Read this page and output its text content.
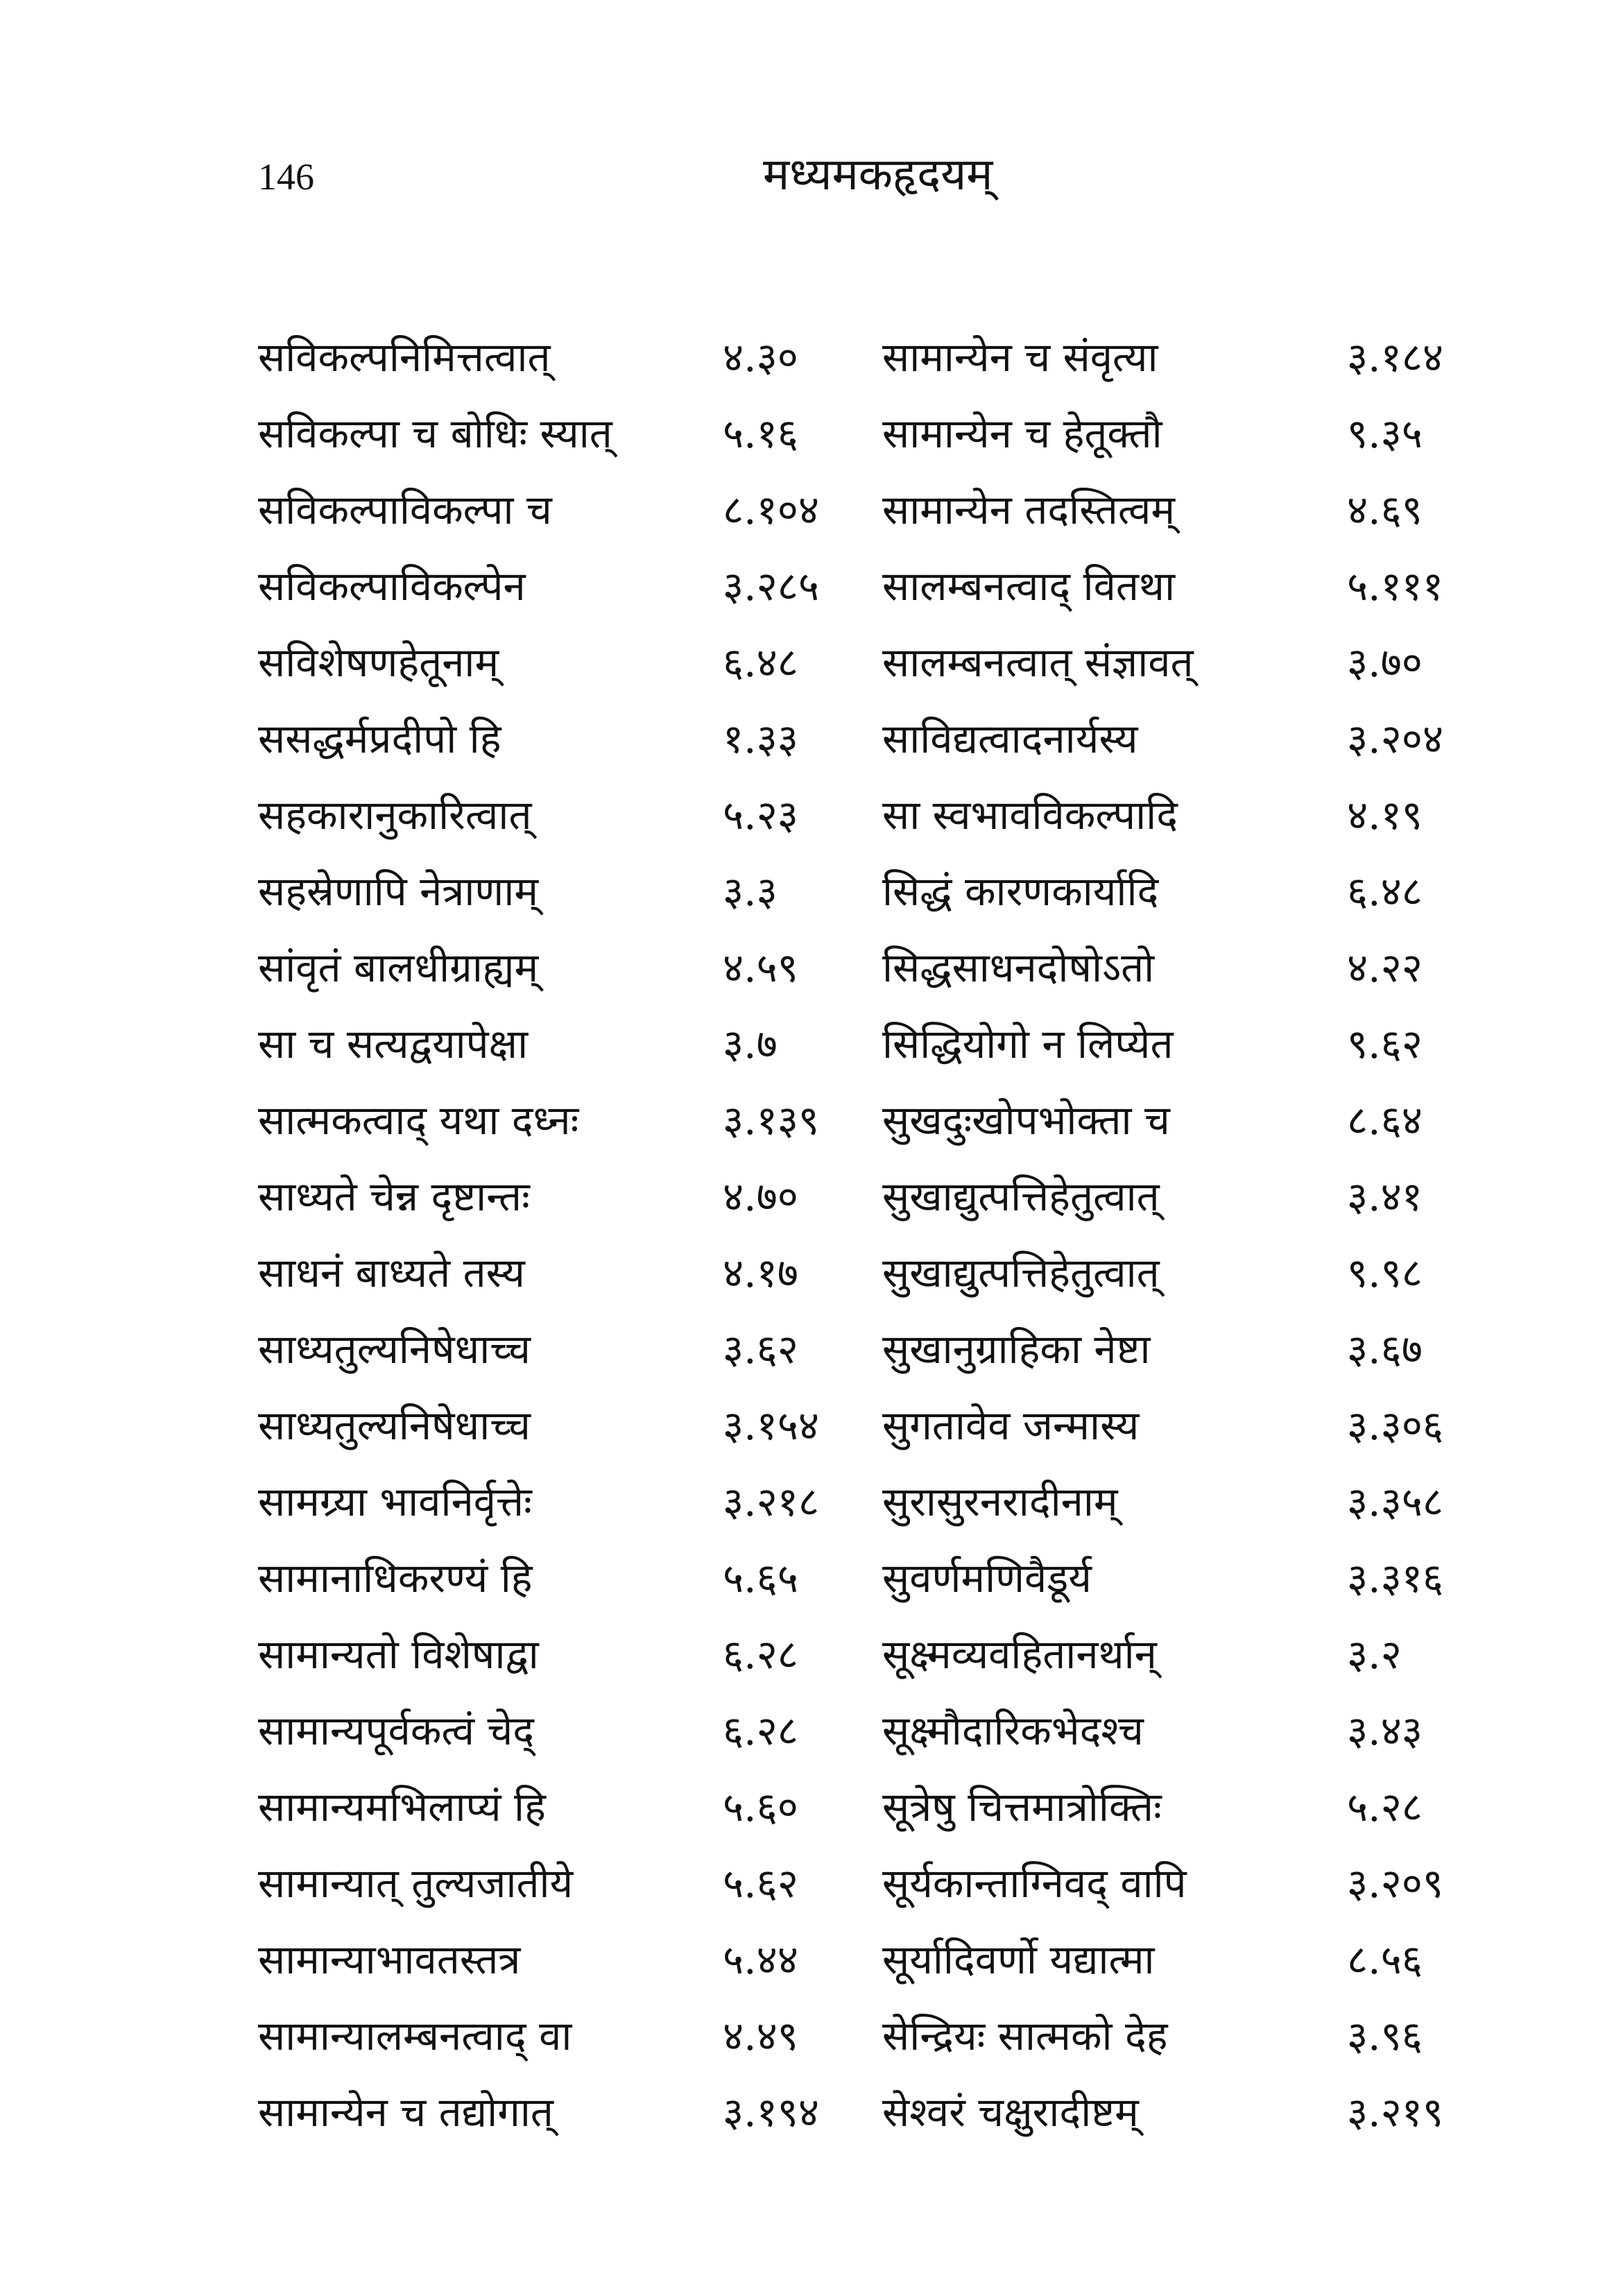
146	मध्यमकहृदयम्
सविकल्पनिमित्तत्वात्	४.३० सामान्येन च संवृत्या	३.१८४
सविकल्पा च बोधिः स्यात्	५.१६ सामान्येन च हेतूक्तौ	९.३५
सविकल्पाविकल्पा च	८.१०४ सामान्येन तदस्तित्वम्	४.६९
सविकल्पाविकल्पेन	३.२८५ सालम्बनत्वाद् वितथा	५.१११
सविशेषणहेतूनाम्	६.४८ सालम्बनत्वात् संज्ञावत्	३.७०
ससद्धर्मप्रदीपो हि	१.३३ साविद्यत्वादनार्यस्य	३.२०४
सहकारानुकारित्वात्	५.२३ सा स्वभावविकल्पादि	४.१९
सहस्रेणापि नेत्राणाम्	३.३	सिद्धं कारणकार्यादि	६.४८
सांवृतं बालधीग्राह्यम्	४.५९ सिद्धसाधनदोषोऽतो	४.२२
सा च सत्यद्वयापेक्षा	३.७	सिद्धियोगो न लिप्येत	९.६२
सात्मकत्वाद् यथा दध्नः	३.१३९ सुखदुःखोपभोक्ता च	८.६४
साध्यते चेन्न दृष्टान्तः	४.७० सुखाद्युत्पत्तिहेतुत्वात्	३.४१
साधनं बाध्यते तस्य	४.१७ सुखाद्युत्पत्तिहेतुत्वात्	९.९८
साध्यतुल्यनिषेधाच्च	३.६२ सुखानुग्राहिका नेष्टा	३.६७
साध्यतुल्यनिषेधाच्च	३.१५४ सुगतावेव जन्मास्य	३.३०६
सामग्र्या भावनिर्वृत्तेः	३.२१८ सुरासुरनरादीनाम्	३.३५८
सामानाधिकरण्यं हि	५.६५ सुवर्णमणिवैडूर्य	३.३१६
सामान्यतो विशेषाद्वा	६.२८ सूक्ष्मव्यवहितानर्थान्	३.२
सामान्यपूर्वकत्वं चेद्	६.२८ सूक्ष्मौदारिकभेदश्च	३.४३
सामान्यमभिलाप्यं हि	५.६० सूत्रेषु चित्तमात्रोक्तिः	५.२८
सामान्यात् तुल्यजातीये	५.६२ सूर्यकान्ताग्निवद् वापि	३.२०९
सामान्याभावतस्तत्र	५.४४ सूर्यादिवर्णो यद्यात्मा	८.५६
सामान्यालम्बनत्वाद् वा	४.४९ सेन्द्रियः सात्मको देह	३.९६
सामान्येन च तद्योगात्	३.१९४ सेश्वरं चक्षुरादीष्टम्	३.२१९
